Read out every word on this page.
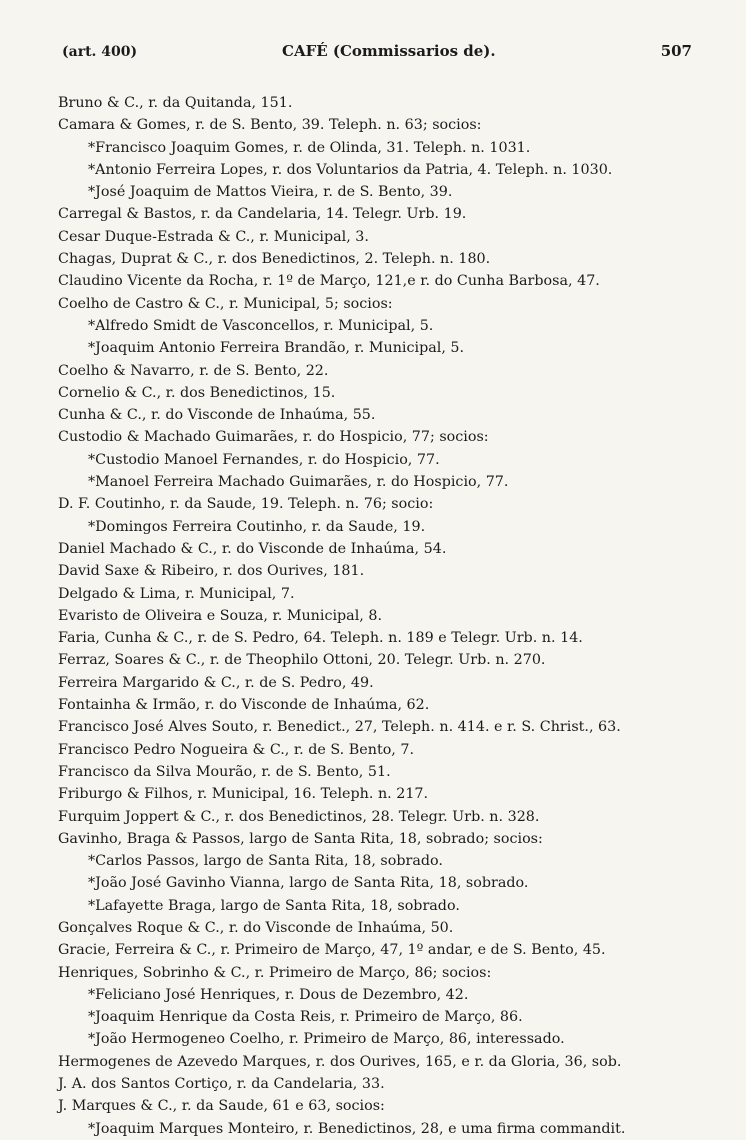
(art. 400)	CAFÉ (Commissarios de).	507
Bruno & C., r. da Quitanda, 151.
Camara & Gomes, r. de S. Bento, 39. Teleph. n. 63; socios:
*Francisco Joaquim Gomes, r. de Olinda, 31. Teleph. n. 1031.
*Antonio Ferreira Lopes, r. dos Voluntarios da Patria, 4. Teleph. n. 1030.
*José Joaquim de Mattos Vieira, r. de S. Bento, 39.
Carregal & Bastos, r. da Candelaria, 14. Telegr. Urb. 19.
Cesar Duque-Estrada & C., r. Municipal, 3.
Chagas, Duprat & C., r. dos Benedictinos, 2. Teleph. n. 180.
Claudino Vicente da Rocha, r. 1º de Março, 121,e r. do Cunha Barbosa, 47.
Coelho de Castro & C., r. Municipal, 5; socios:
*Alfredo Smidt de Vasconcellos, r. Municipal, 5.
*Joaquim Antonio Ferreira Brandão, r. Municipal, 5.
Coelho & Navarro, r. de S. Bento, 22.
Cornelio & C., r. dos Benedictinos, 15.
Cunha & C., r. do Visconde de Inhaúma, 55.
Custodio & Machado Guimarães, r. do Hospicio, 77; socios:
*Custodio Manoel Fernandes, r. do Hospicio, 77.
*Manoel Ferreira Machado Guimarães, r. do Hospicio, 77.
D. F. Coutinho, r. da Saude, 19. Teleph. n. 76; socio:
*Domingos Ferreira Coutinho, r. da Saude, 19.
Daniel Machado & C., r. do Visconde de Inhaúma, 54.
David Saxe & Ribeiro, r. dos Ourives, 181.
Delgado & Lima, r. Municipal, 7.
Evaristo de Oliveira e Souza, r. Municipal, 8.
Faria, Cunha & C., r. de S. Pedro, 64. Teleph. n. 189 e Telegr. Urb. n. 14.
Ferraz, Soares & C., r. de Theophilo Ottoni, 20. Telegr. Urb. n. 270.
Ferreira Margarido & C., r. de S. Pedro, 49.
Fontainha & Irmão, r. do Visconde de Inhaúma, 62.
Francisco José Alves Souto, r. Benedict., 27, Teleph. n. 414. e r. S. Christ., 63.
Francisco Pedro Nogueira & C., r. de S. Bento, 7.
Francisco da Silva Mourão, r. de S. Bento, 51.
Friburgo & Filhos, r. Municipal, 16. Teleph. n. 217.
Furquim Joppert & C., r. dos Benedictinos, 28. Telegr. Urb. n. 328.
Gavinho, Braga & Passos, largo de Santa Rita, 18, sobrado; socios:
*Carlos Passos, largo de Santa Rita, 18, sobrado.
*João José Gavinho Vianna, largo de Santa Rita, 18, sobrado.
*Lafayette Braga, largo de Santa Rita, 18, sobrado.
Gonçalves Roque & C., r. do Visconde de Inhaúma, 50.
Gracie, Ferreira & C., r. Primeiro de Março, 47, 1º andar, e de S. Bento, 45.
Henriques, Sobrinho & C., r. Primeiro de Março, 86; socios:
*Feliciano José Henriques, r. Dous de Dezembro, 42.
*Joaquim Henrique da Costa Reis, r. Primeiro de Março, 86.
*João Hermogeneo Coelho, r. Primeiro de Março, 86, interessado.
Hermogenes de Azevedo Marques, r. dos Ourives, 165, e r. da Gloria, 36, sob.
J. A. dos Santos Cortiço, r. da Candelaria, 33.
J. Marques & C., r. da Saude, 61 e 63, socios:
*Joaquim Marques Monteiro, r. Benedictinos, 28, e uma firma commandit.
